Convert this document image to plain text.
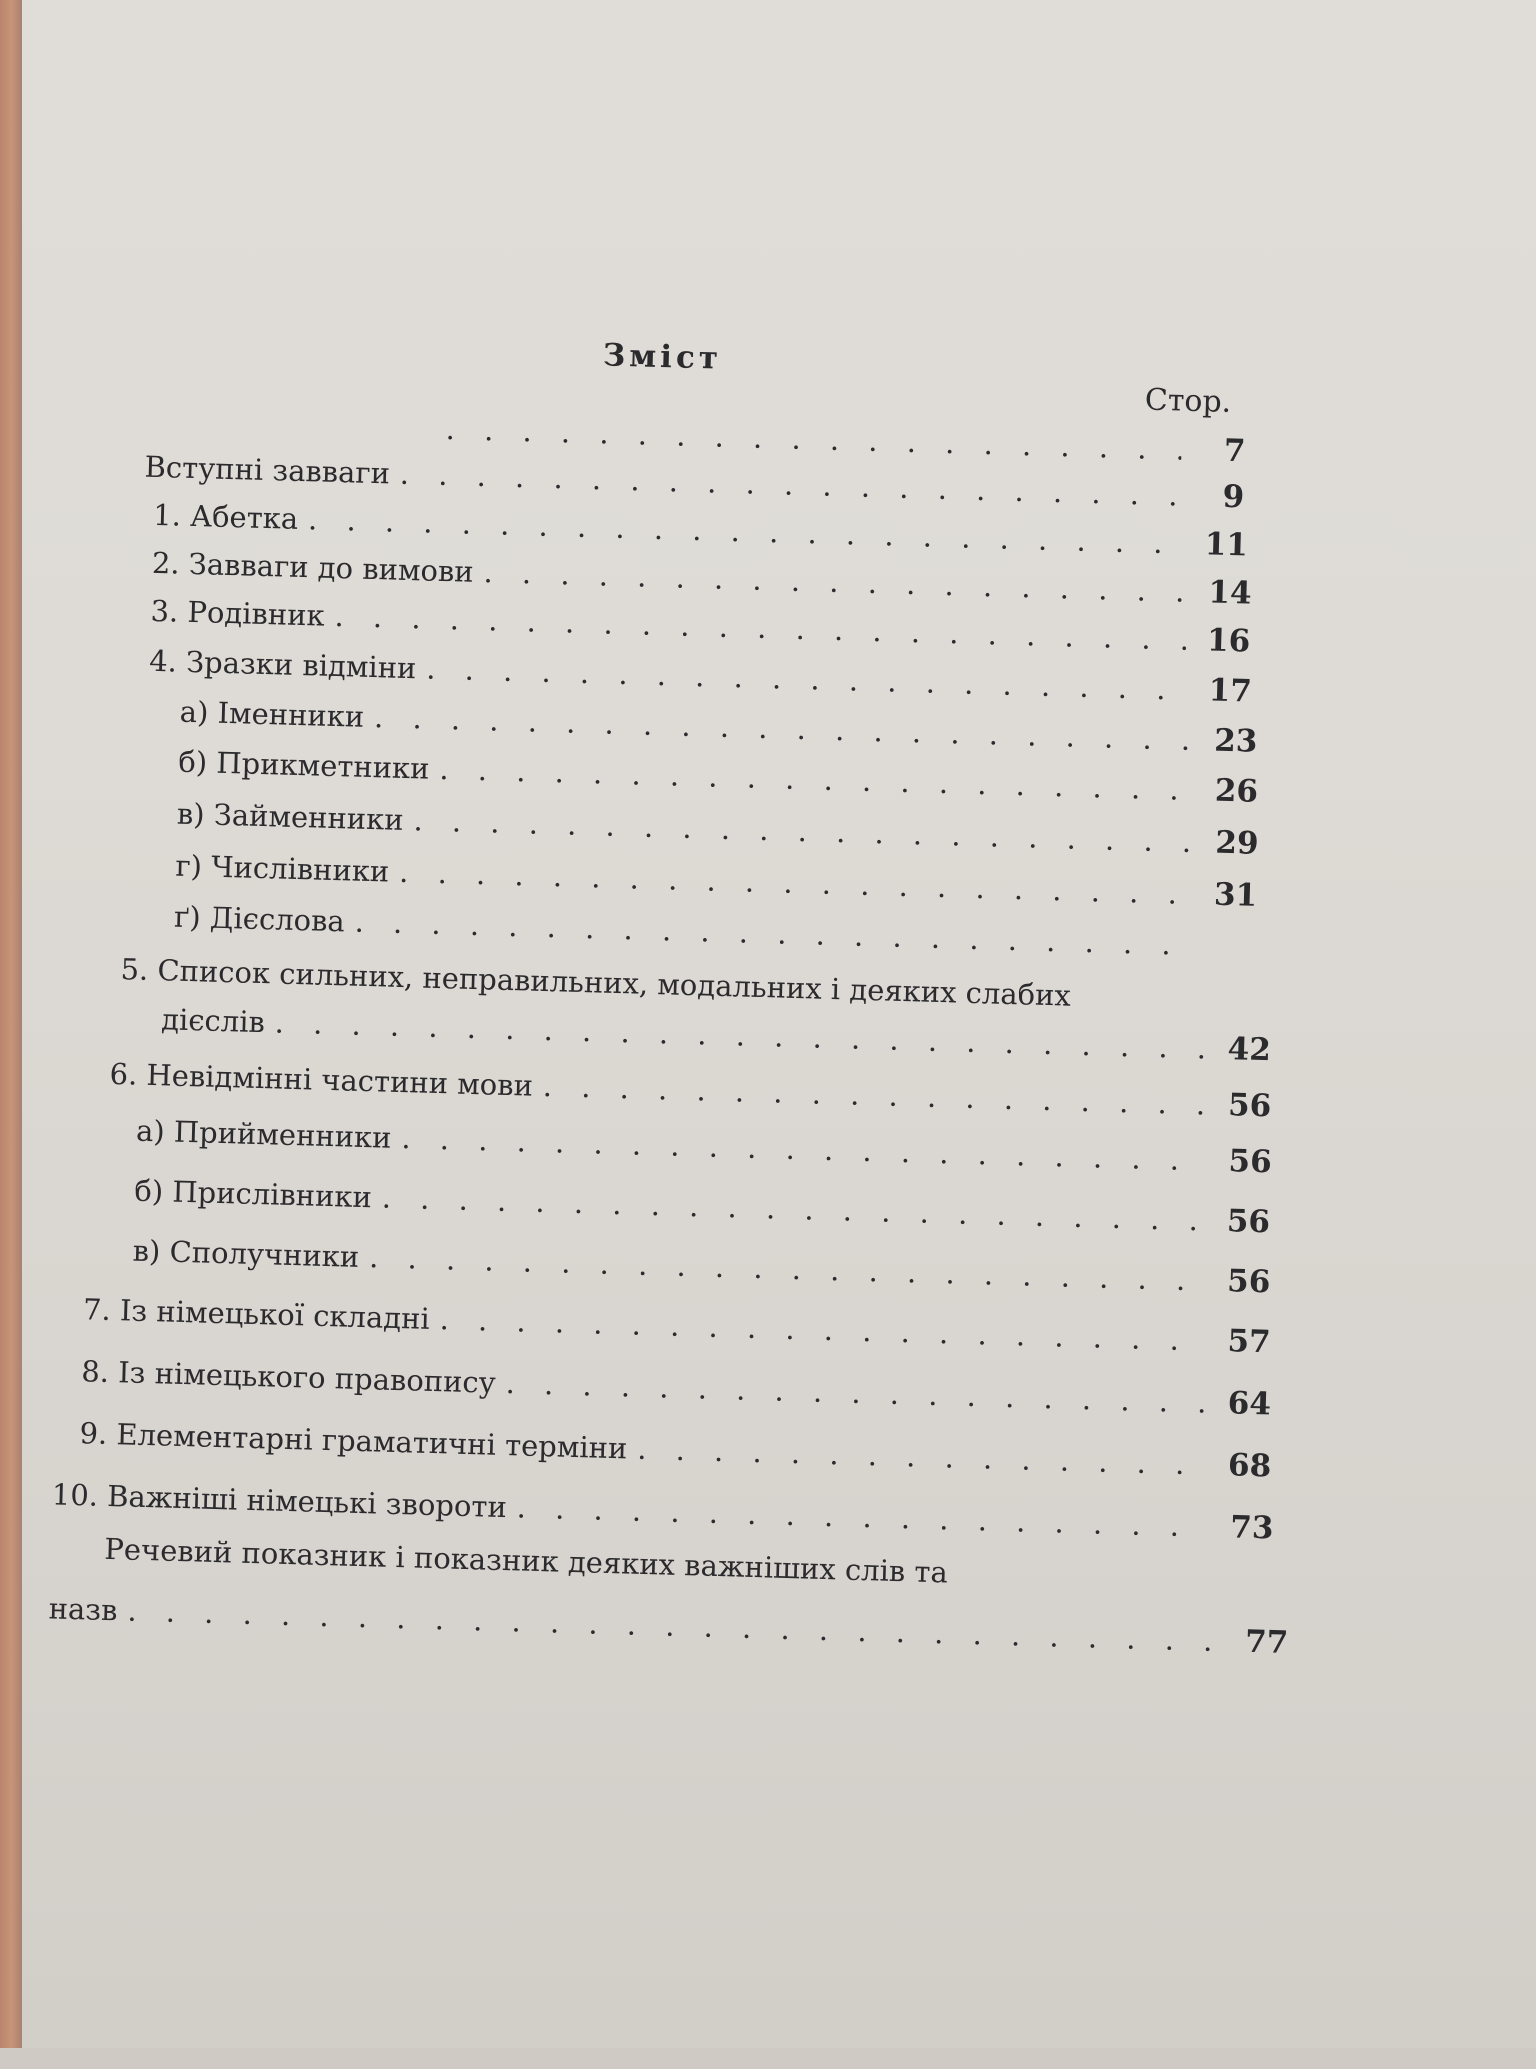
Зміст
Стор.
. . .
7
Вступні завваги
. . .
9
1. Абетка
. . .
11
2. Завваги до вимови
. . .
14
3. Родівник
. . .
16
4. Зразки відміни
. . .
17
а) Іменники
. . .
23
б) Прикметники
. . .
26
в) Займенники
. . .
29
г) Числівники
. . .
31
ґ) Дієслова
. . .
5. Список сильних, неправильних, модальних і деяких слабих
дієслів
. . .
42
6. Невідмінні частини мови
. . .
56
а) Прийменники
. . .
56
б) Прислівники
. . .
56
в) Сполучники
. . .
56
7. Із німецької складні
. . .
57
8. Із німецького правопису
. . .
64
9. Елементарні граматичні терміни
. . .
68
10. Важніші німецькі звороти
. . .
73
Речевий показник і показник деяких важніших слів та
назв
. . .
77
